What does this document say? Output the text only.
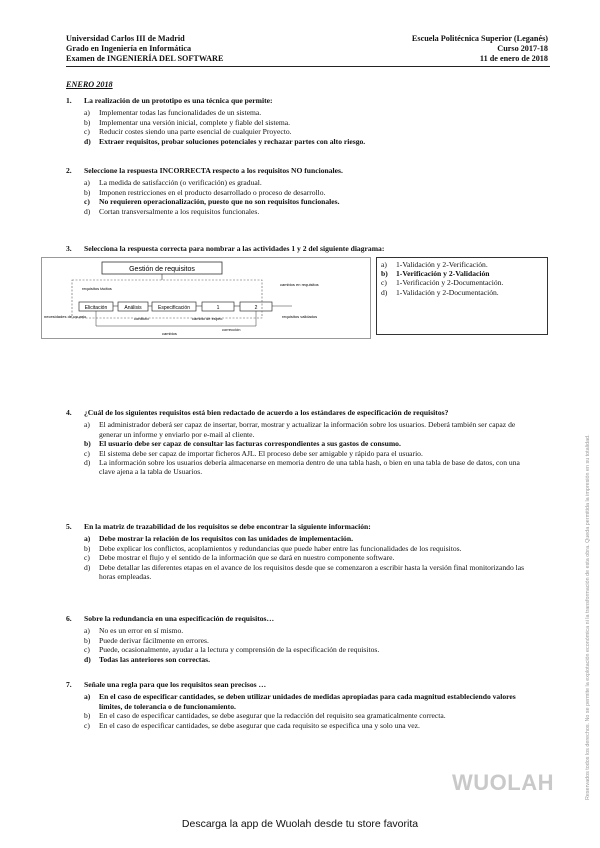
Universidad Carlos III de Madrid
Grado en Ingeniería en Informática
Examen de INGENIERÍA DEL SOFTWARE
Escuela Politécnica Superior (Leganés)
Curso 2017-18
11 de enero de 2018
ENERO 2018
1.	La realización de un prototipo es una técnica que permite:
a)	Implementar todas las funcionalidades de un sistema.
b)	Implementar una versión inicial, complete y fiable del sistema.
c)	Reducir costes siendo una parte esencial de cualquier Proyecto.
d)	Extraer requisitos, probar soluciones potenciales y rechazar partes con alto riesgo.
2.	Seleccione la respuesta INCORRECTA respecto a los requisitos NO funcionales.
a)	La medida de satisfacción (o verificación) es gradual.
b)	Imponen restricciones en el producto desarrollado o proceso de desarrollo.
c)	No requieren operacionalización, puesto que no son requisitos funcionales.
d)	Cortan transversalmente a los requisitos funcionales.
3.	Selecciona la respuesta correcta para nombrar a las actividades 1 y 2 del siguiente diagrama:
Gestión de requisitos
Elicitación	Análisis	Especificación	1	2
cambios en requisitos
necesidades de usuario	requisitos validados
requisitos tácitos
conflicto	cambio de espec.
corrección
cambios
a)	1-Validación y 2-Verificación.
b)	1-Verificación y 2-Validación
c)	1-Verificación y 2-Documentación.
d)	1-Validación y 2-Documentación.
4.	¿Cuál de los siguientes requisitos está bien redactado de acuerdo a los estándares de especificación de requisitos?
a)	El administrador deberá ser capaz de insertar, borrar, mostrar y actualizar la información sobre los usuarios. Deberá también ser capaz de generar un informe y enviarlo por e-mail al cliente.
b)	El usuario debe ser capaz de consultar las facturas correspondientes a sus gastos de consumo.
c)	El sistema debe ser capaz de importar ficheros AJL. El proceso debe ser amigable y rápido para el usuario.
d)	La información sobre los usuarios debería almacenarse en memoria dentro de una tabla hash, o bien en una tabla de base de datos, con una clave ajena a la tabla de Usuarios.
5.	En la matriz de trazabilidad de los requisitos se debe encontrar la siguiente información:
a)	Debe mostrar la relación de los requisitos con las unidades de implementación.
b)	Debe explicar los conflictos, acoplamientos y redundancias que puede haber entre las funcionalidades de los requisitos.
c)	Debe mostrar el flujo y el sentido de la información que se dará en nuestro componente software.
d)	Debe detallar las diferentes etapas en el avance de los requisitos desde que se comenzaron a escribir hasta la versión final monitorizando las horas empleadas.
6.	Sobre la redundancia en una especificación de requisitos…
a)	No es un error en sí mismo.
b)	Puede derivar fácilmente en errores.
c)	Puede, ocasionalmente, ayudar a la lectura y comprensión de la especificación de requisitos.
d)	Todas las anteriores son correctas.
7.	Señale una regla para que los requisitos sean precisos …
a)	En el caso de especificar cantidades, se deben utilizar unidades de medidas apropiadas para cada magnitud estableciendo valores límites, de tolerancia o de funcionamiento.
b)	En el caso de especificar cantidades, se debe asegurar que la redacción del requisito sea gramaticalmente correcta.
c)	En el caso de especificar cantidades, se debe asegurar que cada requisito se especifica una y solo una vez.	Reservados todos los derechos. No se permite la explotación económica ni la transformación de esta obra. Queda permitida la impresión en su totalidad.
WUOLAH
Descarga la app de Wuolah desde tu store favorita
